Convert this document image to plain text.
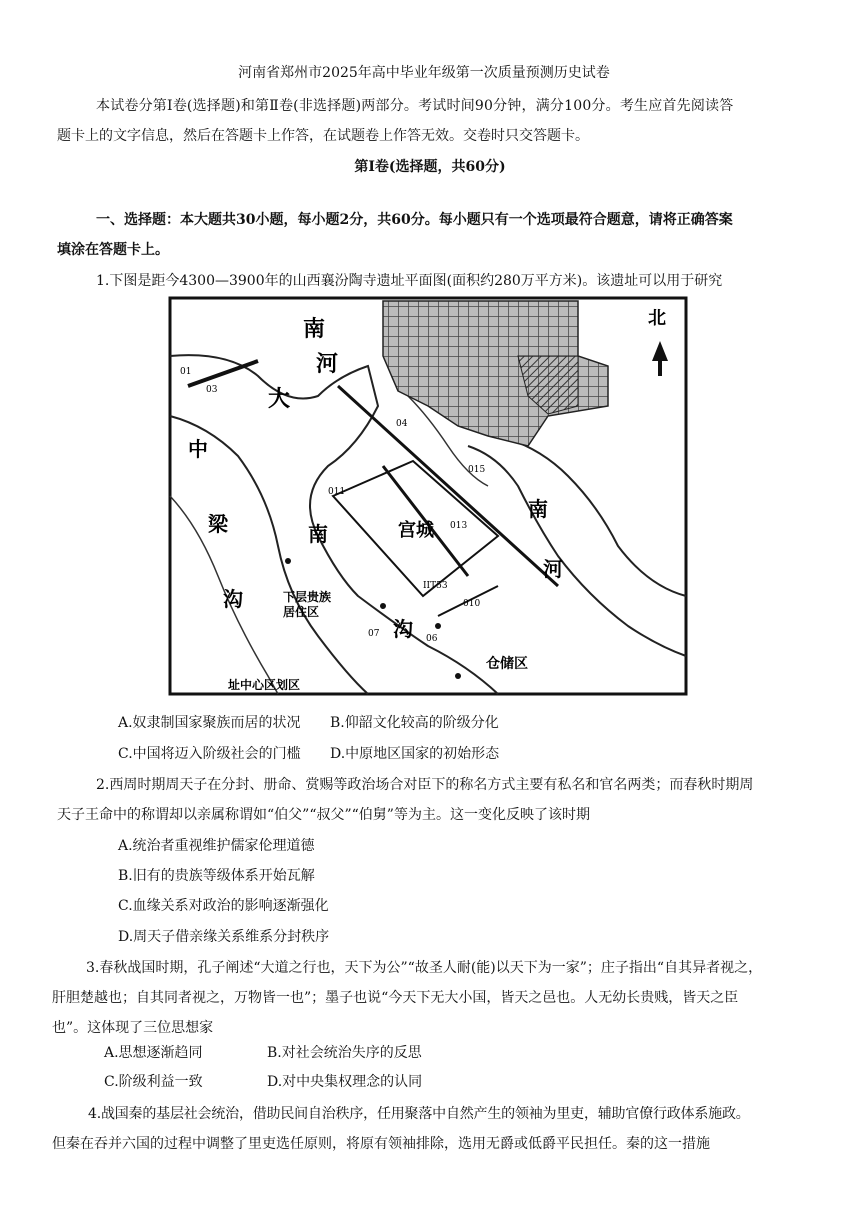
河南省郑州市2025年高中毕业年级第一次质量预测历史试卷
本试卷分第Ⅰ卷(选择题)和第Ⅱ卷(非选择题)两部分。考试时间90分钟，满分100分。考生应首先阅读答
题卡上的文字信息，然后在答题卡上作答，在试题卷上作答无效。交卷时只交答题卡。
第Ⅰ卷(选择题，共60分)
一、选择题：本大题共30小题，每小题2分，共60分。每小题只有一个选项最符合题意，请将正确答案
填涂在答题卡上。
1.下图是距今4300—3900年的山西襄汾陶寺遗址平面图(面积约280万平方米)。该遗址可以用于研究
北
南
河
大
中
梁
沟
南
沟
南
河
宫城
下层贵族
居住区
仓储区
址中心区划区
01
03
04
011
013
015
010
07	06
IIT53
A.奴隶制国家聚族而居的状况 B.仰韶文化较高的阶级分化
C.中国将迈入阶级社会的门槛 D.中原地区国家的初始形态
2.西周时期周天子在分封、册命、赏赐等政治场合对臣下的称名方式主要有私名和官名两类；而春秋时期周
天子王命中的称谓却以亲属称谓如“伯父”“叔父”“伯舅”等为主。这一变化反映了该时期
A.统治者重视维护儒家伦理道德
B.旧有的贵族等级体系开始瓦解
C.血缘关系对政治的影响逐渐强化
D.周天子借亲缘关系维系分封秩序
3.春秋战国时期，孔子阐述“大道之行也，天下为公”“故圣人耐(能)以天下为一家”；庄子指出“自其异者视之，
肝胆楚越也；自其同者视之，万物皆一也”；墨子也说“今天下无大小国，皆天之邑也。人无幼长贵贱，皆天之臣
也”。这体现了三位思想家
A.思想逐渐趋同	B.对社会统治失序的反思
C.阶级利益一致	D.对中央集权理念的认同
4.战国秦的基层社会统治，借助民间自治秩序，任用聚落中自然产生的领袖为里吏，辅助官僚行政体系施政。
但秦在吞并六国的过程中调整了里吏选任原则，将原有领袖排除，选用无爵或低爵平民担任。秦的这一措施
